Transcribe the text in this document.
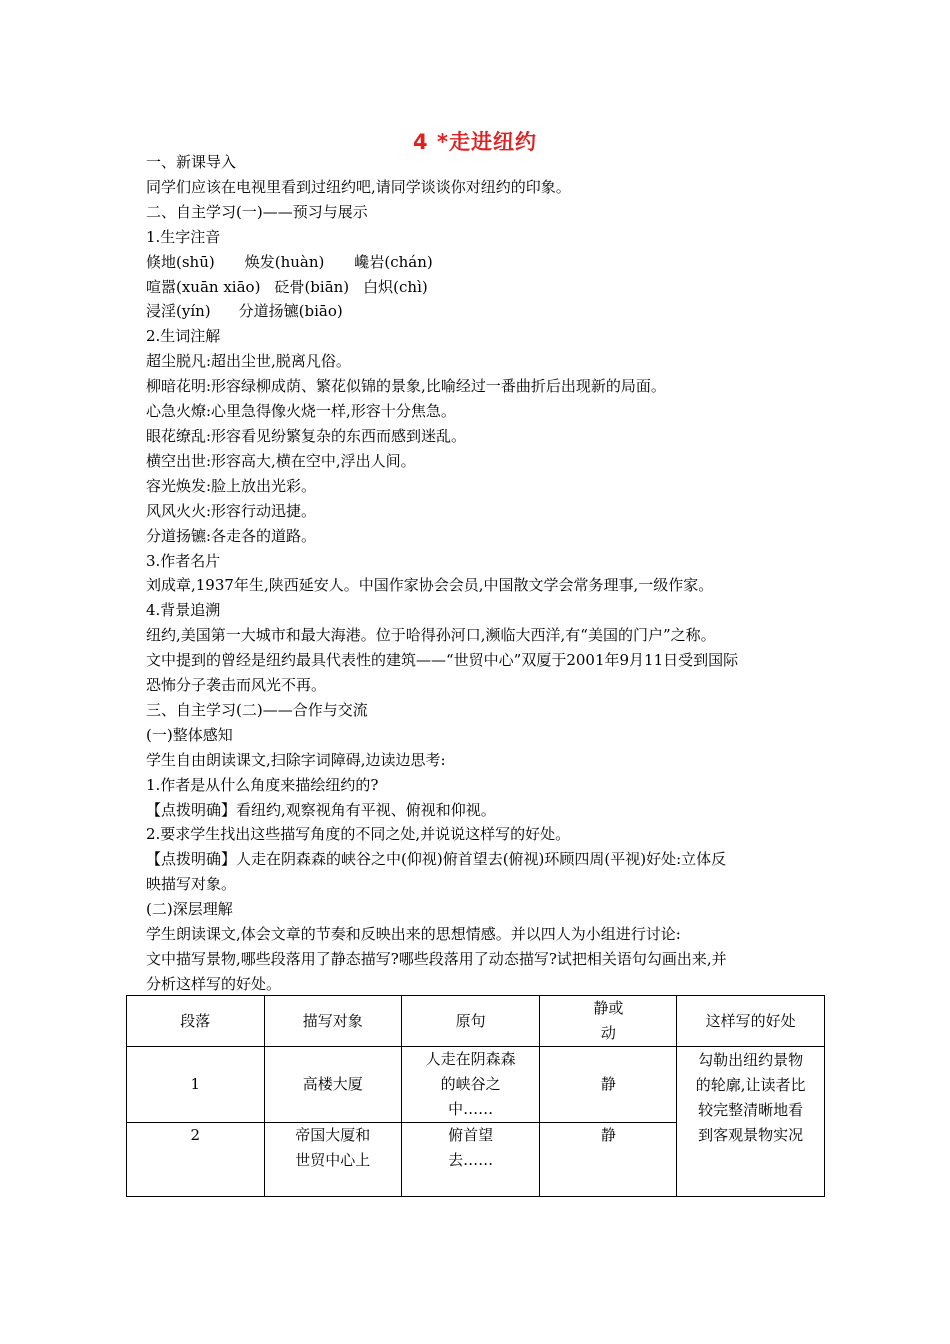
4 *走进纽约
一、新课导入
同学们应该在电视里看到过纽约吧,请同学谈谈你对纽约的印象。
二、自主学习(一)——预习与展示
1.生字注音
倏地(shū) 焕发(huàn) 巉岩(chán)
喧嚣(xuān xiāo) 砭骨(biān) 白炽(chì)
浸淫(yín) 分道扬镳(biāo)
2.生词注解
超尘脱凡:超出尘世,脱离凡俗。
柳暗花明:形容绿柳成荫、繁花似锦的景象,比喻经过一番曲折后出现新的局面。
心急火燎:心里急得像火烧一样,形容十分焦急。
眼花缭乱:形容看见纷繁复杂的东西而感到迷乱。
横空出世:形容高大,横在空中,浮出人间。
容光焕发:脸上放出光彩。
风风火火:形容行动迅捷。
分道扬镳:各走各的道路。
3.作者名片
刘成章,1937年生,陕西延安人。中国作家协会会员,中国散文学会常务理事,一级作家。
4.背景追溯
纽约,美国第一大城市和最大海港。位于哈得孙河口,濒临大西洋,有“美国的门户”之称。
文中提到的曾经是纽约最具代表性的建筑——“世贸中心”双厦于2001年9月11日受到国际
恐怖分子袭击而风光不再。
三、自主学习(二)——合作与交流
(一)整体感知
学生自由朗读课文,扫除字词障碍,边读边思考:
1.作者是从什么角度来描绘纽约的?
【点拨明确】看纽约,观察视角有平视、俯视和仰视。
2.要求学生找出这些描写角度的不同之处,并说说这样写的好处。
【点拨明确】人走在阴森森的峡谷之中(仰视)俯首望去(俯视)环顾四周(平视)好处:立体反
映描写对象。
(二)深层理解
学生朗读课文,体会文章的节奏和反映出来的思想情感。并以四人为小组进行讨论:
文中描写景物,哪些段落用了静态描写?哪些段落用了动态描写?试把相关语句勾画出来,并
分析这样写的好处。
段落	描写对象	原句	静或动	这样写的好处
1	高楼大厦	人走在阴森森的峡谷之中……	静	勾勒出纽约景物的轮廓,让读者比较完整清晰地看到客观景物实况

2	帝国大厦和世贸中心上	俯首望去……	静	
